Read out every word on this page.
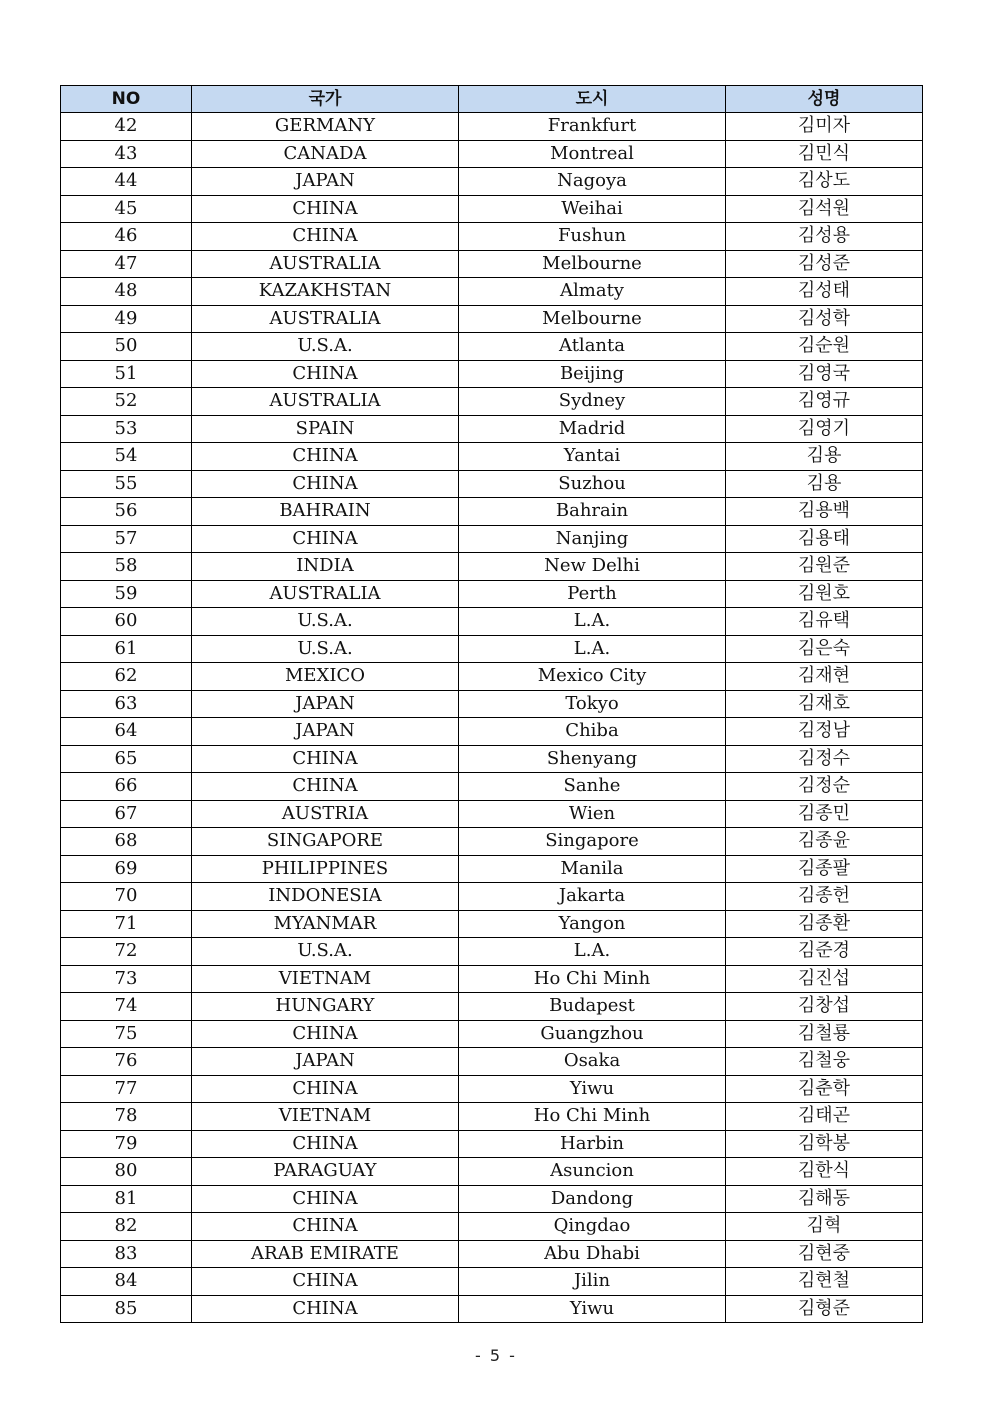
NO	국가	도시	성명
42	GERMANY	Frankfurt	김미자
43	CANADA	Montreal	김민식
44	JAPAN	Nagoya	김상도
45	CHINA	Weihai	김석원
46	CHINA	Fushun	김성용
47	AUSTRALIA	Melbourne	김성준
48	KAZAKHSTAN	Almaty	김성태
49	AUSTRALIA	Melbourne	김성학
50	U.S.A.	Atlanta	김순원
51	CHINA	Beijing	김영국
52	AUSTRALIA	Sydney	김영규
53	SPAIN	Madrid	김영기
54	CHINA	Yantai	김용
55	CHINA	Suzhou	김용
56	BAHRAIN	Bahrain	김용백
57	CHINA	Nanjing	김용태
58	INDIA	New Delhi	김원준
59	AUSTRALIA	Perth	김원호
60	U.S.A.	L.A.	김유택
61	U.S.A.	L.A.	김은숙
62	MEXICO	Mexico City	김재현
63	JAPAN	Tokyo	김재호
64	JAPAN	Chiba	김정남
65	CHINA	Shenyang	김정수
66	CHINA	Sanhe	김정순
67	AUSTRIA	Wien	김종민
68	SINGAPORE	Singapore	김종윤
69	PHILIPPINES	Manila	김종팔
70	INDONESIA	Jakarta	김종헌
71	MYANMAR	Yangon	김종환
72	U.S.A.	L.A.	김준경
73	VIETNAM	Ho Chi Minh	김진섭
74	HUNGARY	Budapest	김창섭
75	CHINA	Guangzhou	김철룡
76	JAPAN	Osaka	김철웅
77	CHINA	Yiwu	김춘학
78	VIETNAM	Ho Chi Minh	김태곤
79	CHINA	Harbin	김학봉
80	PARAGUAY	Asuncion	김한식
81	CHINA	Dandong	김해동
82	CHINA	Qingdao	김혁
83	ARAB EMIRATE	Abu Dhabi	김현중
84	CHINA	Jilin	김현철
85	CHINA	Yiwu	김형준
- 5 -
